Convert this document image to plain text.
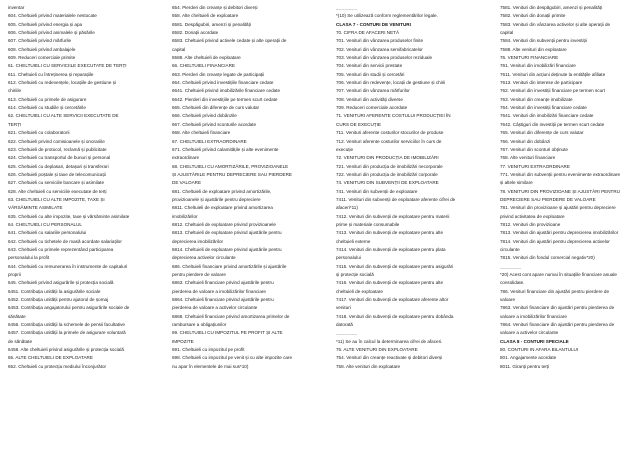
inventar
604. Cheltuieli privind materialele nestocate
605. Cheltuieli privind energia și apa
606. Cheltuieli privind animalele și păsările
607. Cheltuieli privind mărfurile
608. Cheltuieli privind ambalajele
609. Reduceri comerciale primite
61. CHELTUIELI CU SERVICIILE EXECUTATE DE TERȚI
611. Cheltuieli cu întreținerea și reparațiile
612. Cheltuieli cu redevențele, locațiile de gestiune și
chiriile
613. Cheltuieli cu primele de asigurare
614. Cheltuieli cu studiile și cercetările
62. CHELTUIELI CU ALTE SERVICII EXECUTATE DE
TERȚI
621. Cheltuieli cu colaboratorii
622. Cheltuieli privind comisioanele și onorariile
623. Cheltuieli de protocol, reclamă și publicitate
624. Cheltuieli cu transportul de bunuri și personal
625. Cheltuieli cu deplasari, detașari și transferari
626. Cheltuieli poștale și taxe de telecomunicații
627. Cheltuieli cu serviciile bancare și asimilate
628. Alte cheltuieli cu serviciile executate de terți
63. CHELTUIELI CU ALTE IMPOZITE, TAXE ȘI
VĂRSĂMINTE ASIMILATE
635. Cheltuieli cu alte impozite, taxe și vărsăminte asimilate
64. CHELTUIELI CU PERSONALUL
641. Cheltuieli cu salariile personalului
642. Cheltuieli cu tichetele de masă acordate salariaților
643. Cheltuieli cu primele reprezentând participarea
personalului la profit
644. Cheltuieli cu remunerarea în instrumente de capitaluri
proprii
645. Cheltuieli privind asigurările și protecția socială
6451. Contribuția unității la asigurările sociale
6452. Contribuția unității pentru ajutorul de șomaj
6453. Contribuția angajatorului pentru asigurările sociale de
sănătate
6456. Contribuția unității la schemele de pensii facultative
6457. Contribuția unității la primele de asigurare voluntară
de sănătate
6458. Alte cheltuieli privind asigurările și protecția socială
65. ALTE CHELTUIELI DE EXPLOATARE
652. Cheltuieli cu protecția mediului înconjurător
654. Pierderi din creanțe și debitori diverși
658. Alte cheltuieli de exploatare
6581. Despăgubiri, amenzi și penalități
6582. Donații acordate
6583. Cheltuieli privind activele cedate și alte operații de
capital
6588. Alte cheltuieli de exploatare
66. CHELTUIELI FINANCIARE
663. Pierderi din creanțe legate de participații
664. Cheltuieli privind investițiile financiare cedate
6641. Cheltuieli privind imobilizările financiare cedate
6642. Pierderi din investițiile pe termen scurt cedate
665. Cheltuieli din diferențe de curs valutar
666. Cheltuieli privind dobânzile
667. Cheltuieli privind sconturile acordate
668. Alte cheltuieli financiare
67. CHELTUIELI EXTRAORDINARE
671. Cheltuieli privind calamitățile și alte evenimente
extraordinare
68. CHELTUIELI CU AMORTIZĂRILE, PROVIZIOANELE
ȘI AJUSTĂRILE PENTRU DEPRECIERE SAU PIERDERE
DE VALOARE
681. Cheltuieli de exploatare privind amortizările,
provizioanele și ajustările pentru depreciere
6811. Cheltuieli de exploatare privind amortizarea
imobilizărilor
6812. Cheltuieli de exploatare privind provizioanele
6813. Cheltuieli de exploatare privind ajustările pentru
deprecierea imobilizărilor
6814. Cheltuieli de exploatare privind ajustările pentru
deprecierea activelor circulante
686. Cheltuieli financiare privind amortizările și ajustările
pentru pierdere de valoare
6863. Cheltuieli financiare privind ajustările pentru
pierderea de valoare a imobilizărilor financiare
6864. Cheltuieli financiare privind ajustările pentru
pierderea de valoare a activelor circulante
6868. Cheltuieli financiare privind amortizarea primelor de
rambursare a obligațiunilor
69. CHELTUIELI CU IMPOZITUL PE PROFIT ȘI ALTE
IMPOZITE
691. Cheltuieli cu impozitul pe profit
698. Cheltuieli cu impozitul pe venit și cu alte impozite care
nu apar în elementele de mai sus*10)
_______
*)10) Se utilizează conform reglementărilor legale.
CLASA 7 - CONTURI DE VENITURI
70. CIFRA DE AFACERI NETĂ
701. Venituri din vânzarea produselor finite
702. Venituri din vânzarea semifabricatelor
703. Venituri din vânzarea produselor reziduale
704. Venituri din servicii prestate
705. Venituri din studii și cercetări
706. Venituri din redevențe, locații de gestiune și chirii
707. Venituri din vânzarea mărfurilor
708. Venituri din activități diverse
709. Reduceri comerciale acordate
71. VENITURI AFERENTE COSTULUI PRODUCȚIEI ÎN
CURS DE EXECUȚIE
711. Venituri aferente costurilor stocurilor de produse
712. Venituri aferente costurilor serviciilor în curs de
execuție
72. VENITURI DIN PRODUCȚIA DE IMOBILIZĂRI
721. Venituri din producția de imobilizări necorporale
722. Venituri din producția de imobilizări corporale
74. VENITURI DIN SUBVENȚII DE EXPLOATARE
741. Venituri din subvenții de exploatare
7411. Venituri din subvenții de exploatare aferente cifrei de
afaceri*11)
7412. Venituri din subvenții de exploatare pentru materii
prime și materiale consumabile
7413. Venituri din subvenții de exploatare pentru alte
cheltuieli externe
7414. Venituri din subvenții de exploatare pentru plata
personalului
7415. Venituri din subvenții de exploatare pentru asigurări
și protecție socială
7416. Venituri din subvenții de exploatare pentru alte
cheltuieli de exploatare
7417. Venituri din subvenții de exploatare aferente altor
venituri
7418. Venituri din subvenții de exploatare pentru dobânda
datorată
_______
*11) Se au în calcul la determinarea cifrei de afaceri.
75. ALTE VENITURI DIN EXPLOATARE
754. Venituri din creanțe reactivate și debitori diverși
758. Alte venituri din exploatare
7581. Venituri din despăgubiri, amenzi și penalități
7582. Venituri din donații primite
7583. Venituri din vânzarea activelor și alte operații de
capital
7584. Venituri din subvenții pentru investiții
7588. Alte venituri din exploatare
76. VENITURI FINANCIARE
761. Venituri din imobilizări financiare
7611. Venituri din acțiuni deținute la entitățile afiliate
7613. Venituri din interese de participare
762. Venituri din investiții financiare pe termen scurt
763. Venituri din creanțe imobilizate
764. Venituri din investiții financiare cedate
7641. Venituri din imobilizări financiare cedate
7642. Câștiguri din investiții pe termen scurt cedate
765. Venituri din diferențe de curs valutar
766. Venituri din dobânzi
767. Venituri din sconturi obținute
768. Alte venituri financiare
77. VENITURI EXTRAORDINARE
771. Venituri din subvenții pentru evenimente extraordinare
și altele similare
78. VENITURI DIN PROVIZIOANE ȘI AJUSTĂRI PENTRU
DEPRECIERE SAU PIERDERE DE VALOARE
781. Venituri din provizioane și ajustări pentru depreciere
privind activitatea de exploatare
7812. Venituri din provizioane
7813. Venituri din ajustări pentru deprecierea imobilizărilor
7814. Venituri din ajustări pentru deprecierea activelor
circulante
7815. Venituri din fondul comercial negativ*20)
_______
*20) Acest cont apare numai în situațiile financiare anuale
consolidate.
786. Venituri financiare din ajustări pentru pierdere de
valoare
7863. Venituri financiare din ajustări pentru pierderea de
valoare a imobilizărilor financiare
7864. Venituri financiare din ajustări pentru pierderea de
valoare a activelor circulante
CLASA 8 - CONTURI SPECIALE
80. CONTURI IN AFARA BILANTULUI
801. Angajamente acordate
8011. Giranți pentru terți
